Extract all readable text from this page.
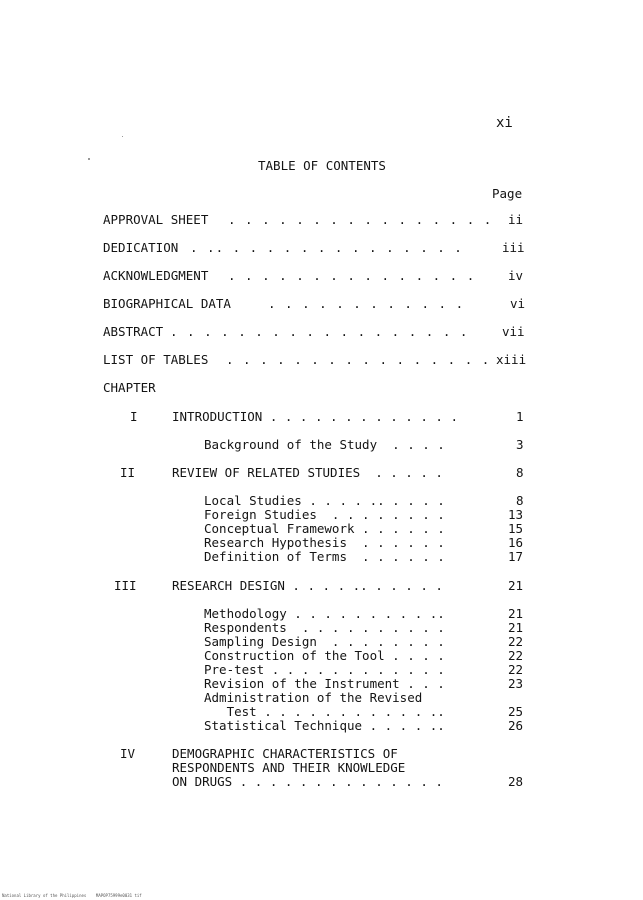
xi
TABLE OF CONTENTS
Page
APPROVAL SHEET . . . . . . . . . . . . . . . . ii
DEDICATION . .. . . . . . . . . . . . . . .	iii
ACKNOWLEDGMENT . . . . . . . . . . . . . . .	iv
BIOGRAPHICAL DATA	. . . . . . . . . . . .	vi
ABSTRACT . . . . . . . . . . . . . . . . . .	vii
LIST OF TABLES . . . . . . . . . . . . . . . . xiii
CHAPTER
I	INTRODUCTION . . . . . . . . . . . . .	1
Background of the Study  . . . .	3
II	REVIEW OF RELATED STUDIES  . . . . .	8
Local Studies . . . . .. . . . .	8
Foreign Studies  . . . . . . . .	13
Conceptual Framework . . . . . .	15
Research Hypothesis  . . . . . .	16
Definition of Terms  . . . . . .	17
III	RESEARCH DESIGN . . . . .. . . . . .	21
Methodology . . . . . . . . . ..	21
Respondents  . . . . . . . . . .	21
Sampling Design  . . . . . . . .	22
Construction of the Tool . . . .	22
Pre-test . . . . . . . . . . . .	22
Revision of the Instrument . . .	23
Administration of the Revised
Test . . . . . . . . . . . ..	25
Statistical Technique . . . . ..	26
IV	DEMOGRAPHIC CHARACTERISTICS OF
RESPONDENTS AND THEIR KNOWLEDGE
ON DRUGS . . . . . . . . . . . . . .	28
National Library of the Philippines    MAPOP75999e0031 tif
